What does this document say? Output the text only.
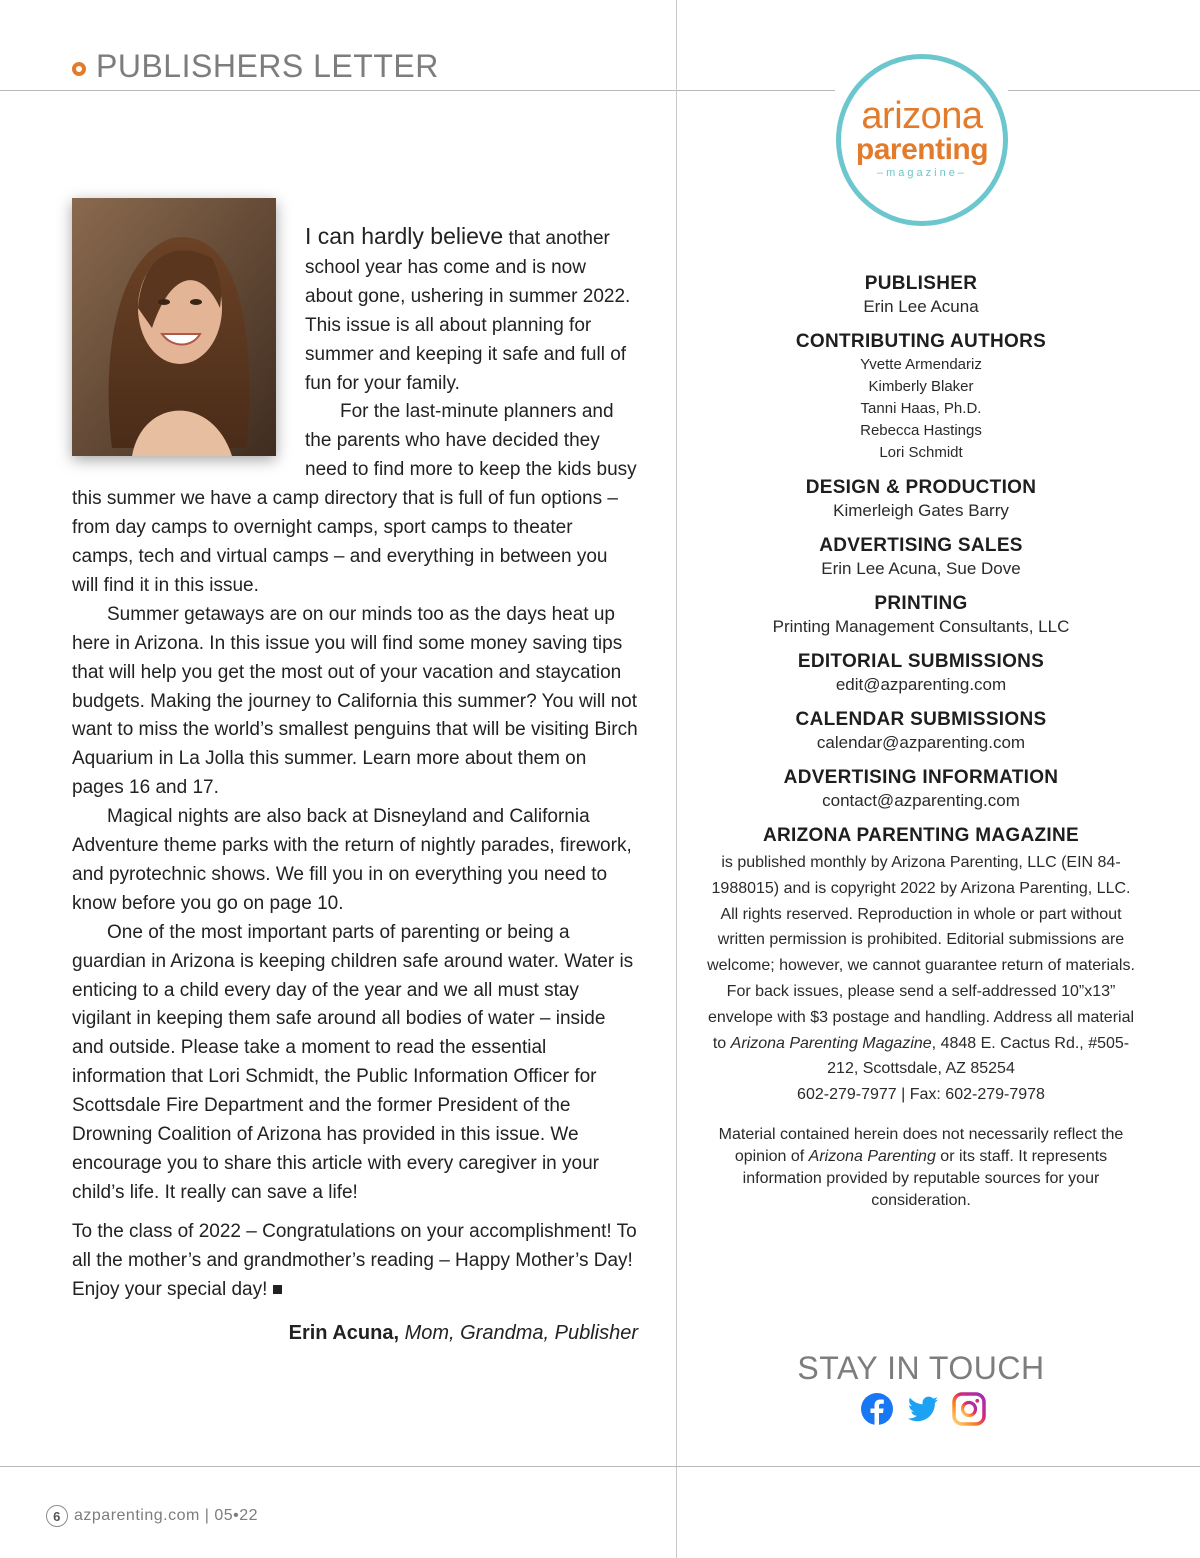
PUBLISHERS LETTER

I can hardly believe that another school year has come and is now about gone, ushering in summer 2022. This issue is all about planning for summer and keeping it safe and full of fun for your family.

For the last-minute planners and the parents who have decided they need to find more to keep the kids busy this summer we have a camp directory that is full of fun options – from day camps to overnight camps, sport camps to theater camps, tech and virtual camps – and everything in between you will find it in this issue.

Summer getaways are on our minds too as the days heat up here in Arizona. In this issue you will find some money saving tips that will help you get the most out of your vacation and staycation budgets. Making the journey to California this summer? You will not want to miss the world’s smallest penguins that will be visiting Birch Aquarium in La Jolla this summer. Learn more about them on pages 16 and 17.

Magical nights are also back at Disneyland and California Adventure theme parks with the return of nightly parades, firework, and pyrotechnic shows. We fill you in on everything you need to know before you go on page 10.

One of the most important parts of parenting or being a guardian in Arizona is keeping children safe around water. Water is enticing to a child every day of the year and we all must stay vigilant in keeping them safe around all bodies of water – inside and outside. Please take a moment to read the essential information that Lori Schmidt, the Public Information Officer for Scottsdale Fire Department and the former President of the Drowning Coalition of Arizona has provided in this issue. We encourage you to share this article with every caregiver in your child’s life. It really can save a life!

To the class of 2022 – Congratulations on your accomplishment! To all the mother’s and grandmother’s reading – Happy Mother’s Day! Enjoy your special day!

Erin Acuna, Mom, Grandma, Publisher
arizona
parenting
–magazine–
PUBLISHER
Erin Lee Acuna
CONTRIBUTING AUTHORS
Yvette Armendariz
Kimberly Blaker
Tanni Haas, Ph.D.
Rebecca Hastings
Lori Schmidt
DESIGN & PRODUCTION
Kimerleigh Gates Barry
ADVERTISING SALES
Erin Lee Acuna, Sue Dove
PRINTING
Printing Management Consultants, LLC
EDITORIAL SUBMISSIONS
edit@azparenting.com
CALENDAR SUBMISSIONS
calendar@azparenting.com
ADVERTISING INFORMATION
contact@azparenting.com
ARIZONA PARENTING MAGAZINE
is published monthly by Arizona Parenting, LLC (EIN 84-1988015) and is copyright 2022 by Arizona Parenting, LLC. All rights reserved. Reproduction in whole or part without written permission is prohibited. Editorial submissions are welcome; however, we cannot guarantee return of materials. For back issues, please send a self-addressed 10”x13” envelope with $3 postage and handling. Address all material to Arizona Parenting Magazine, 4848 E. Cactus Rd., #505-212, Scottsdale, AZ 85254
602-279-7977 | Fax: 602-279-7978
Material contained herein does not necessarily reflect the opinion of Arizona Parenting or its staff. It represents information provided by reputable sources for your consideration.
STAY IN TOUCH
6 azparenting.com | 05•22
